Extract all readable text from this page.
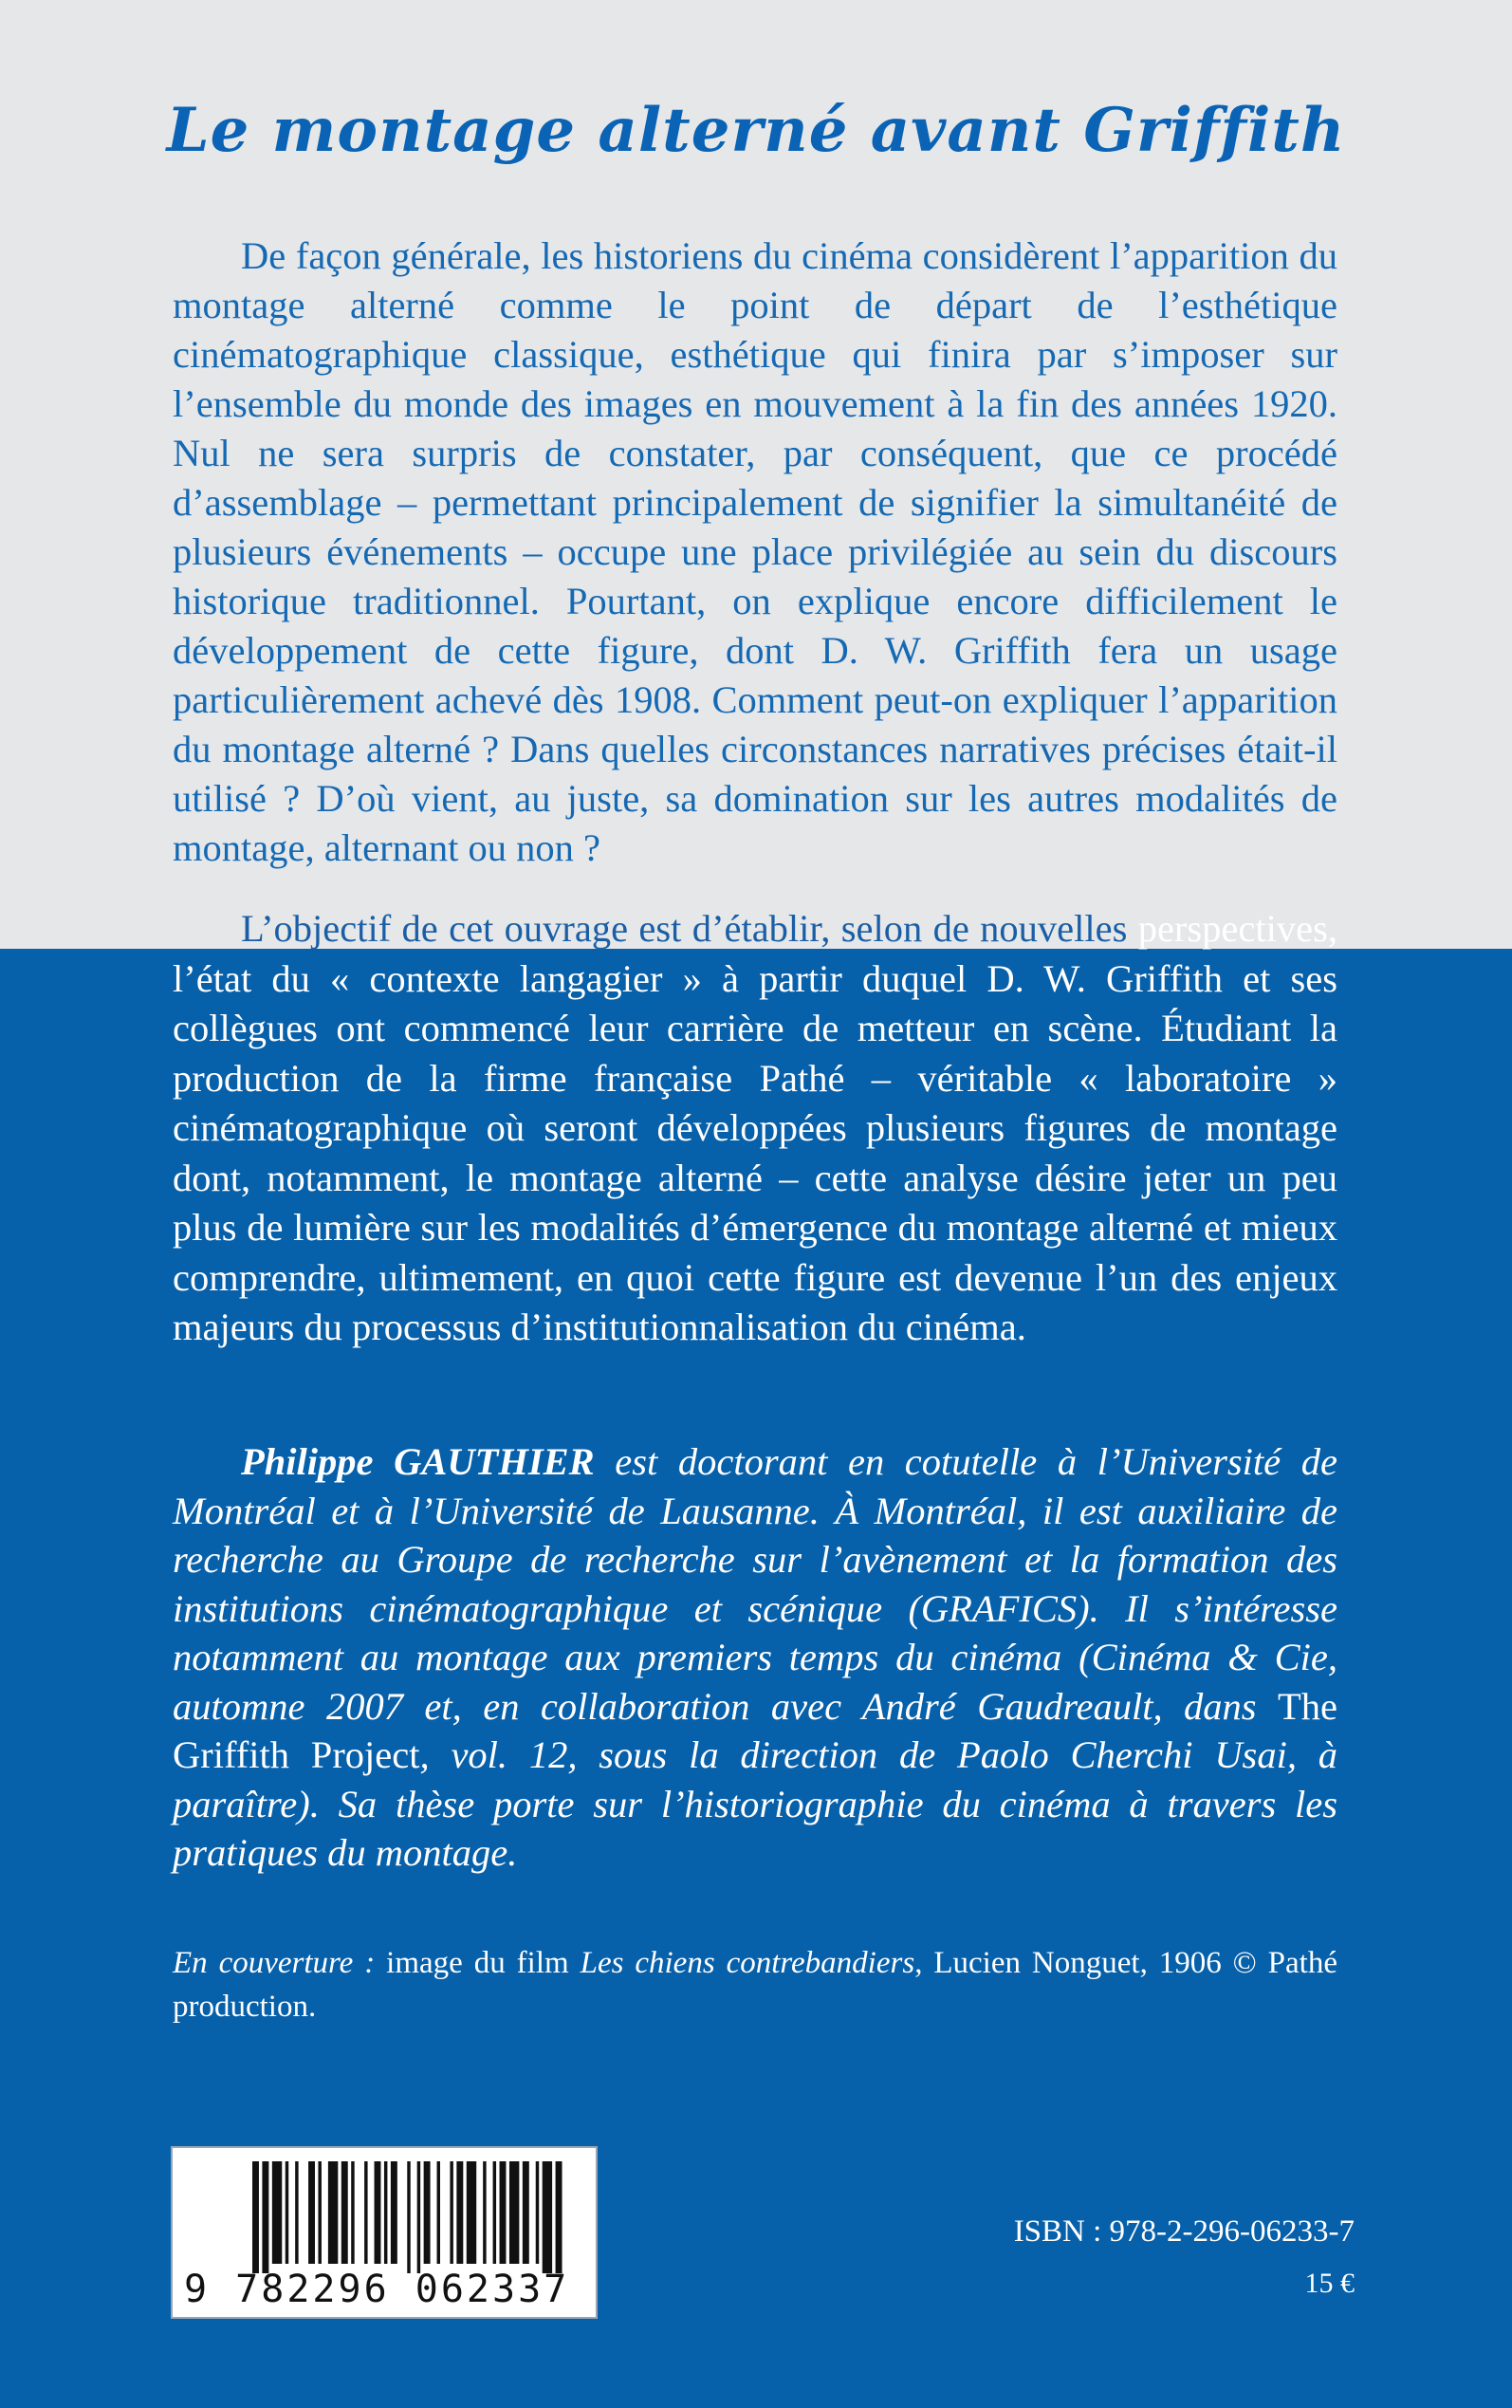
Le montage alterné avant Griffith
De façon générale, les historiens du cinéma considèrent l’apparition du montage alterné comme le point de départ de l’esthétique cinématographique classique, esthétique qui finira par s’imposer sur l’ensemble du monde des images en mouvement à la fin des années 1920. Nul ne sera surpris de constater, par conséquent, que ce procédé d’assemblage – permettant principalement de signifier la simultanéité de plusieurs événements – occupe une place privilégiée au sein du discours historique traditionnel. Pourtant, on explique encore difficilement le développement de cette figure, dont D. W. Griffith fera un usage particulièrement achevé dès 1908. Comment peut-on expliquer l’apparition du montage alterné ? Dans quelles circonstances narratives précises était-il utilisé ? D’où vient, au juste, sa domination sur les autres modalités de montage, alternant ou non ?
L’objectif de cet ouvrage est d’établir, selon de nouvelles perspectives, l’état du « contexte langagier » à partir duquel D. W. Griffith et ses collègues ont commencé leur carrière de metteur en scène. Étudiant la production de la firme française Pathé – véritable « laboratoire » cinématographique où seront développées plusieurs figures de montage dont, notamment, le montage alterné – cette analyse désire jeter un peu plus de lumière sur les modalités d’émergence du montage alterné et mieux comprendre, ultimement, en quoi cette figure est devenue l’un des enjeux majeurs du processus d’institutionnalisation du cinéma.
Philippe GAUTHIER est doctorant en cotutelle à l’Université de Montréal et à l’Université de Lausanne. À Montréal, il est auxiliaire de recherche au Groupe de recherche sur l’avènement et la formation des institutions cinématographique et scénique (GRAFICS). Il s’intéresse notamment au montage aux premiers temps du cinéma (Cinéma & Cie, automne 2007 et, en collaboration avec André Gaudreault, dans The Griffith Project, vol. 12, sous la direction de Paolo Cherchi Usai, à paraître). Sa thèse porte sur l’historiographie du cinéma à travers les pratiques du montage.
En couverture : image du film Les chiens contrebandiers, Lucien Nonguet, 1906 © Pathé production.
9 782296 062337
ISBN : 978-2-296-06233-7
15 €
